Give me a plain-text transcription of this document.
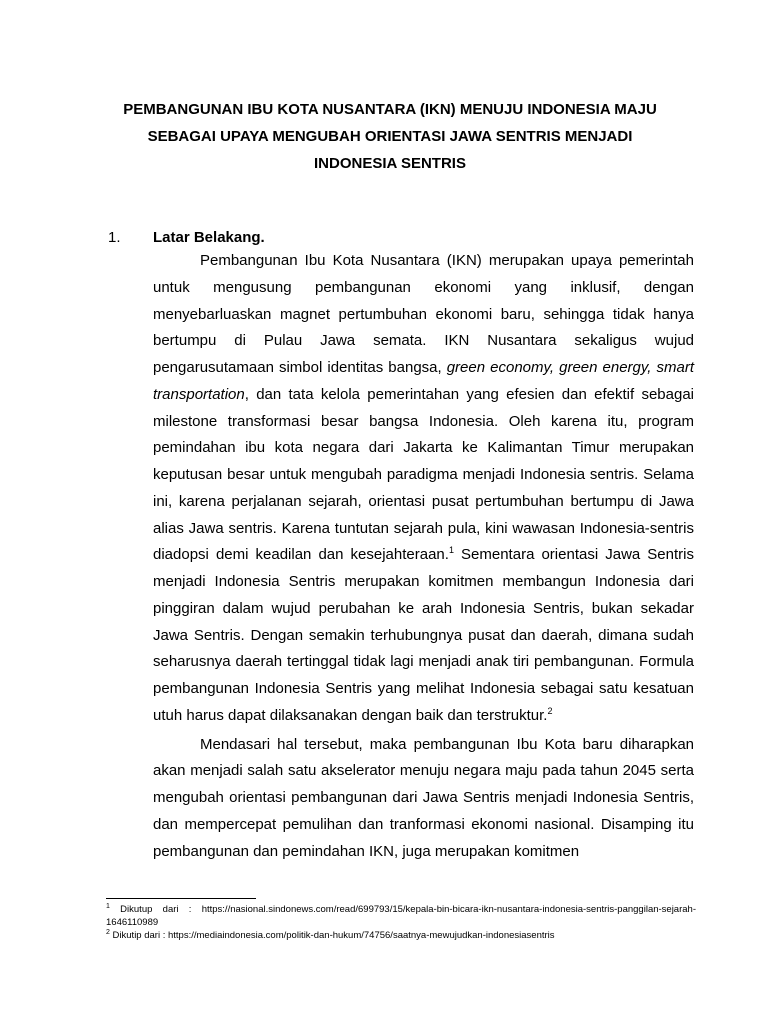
PEMBANGUNAN IBU KOTA NUSANTARA (IKN) MENUJU INDONESIA MAJU
SEBAGAI UPAYA MENGUBAH ORIENTASI JAWA SENTRIS MENJADI
INDONESIA SENTRIS
1.	Latar Belakang.

Pembangunan Ibu Kota Nusantara (IKN) merupakan upaya pemerintah untuk mengusung pembangunan ekonomi yang inklusif, dengan menyebarluaskan magnet pertumbuhan ekonomi baru, sehingga tidak hanya bertumpu di Pulau Jawa semata. IKN Nusantara sekaligus wujud pengarusutamaan simbol identitas bangsa, green economy, green energy, smart transportation, dan tata kelola pemerintahan yang efesien dan efektif sebagai milestone transformasi besar bangsa Indonesia. Oleh karena itu, program pemindahan ibu kota negara dari Jakarta ke Kalimantan Timur merupakan keputusan besar untuk mengubah paradigma menjadi Indonesia sentris. Selama ini, karena perjalanan sejarah, orientasi pusat pertumbuhan bertumpu di Jawa alias Jawa sentris. Karena tuntutan sejarah pula, kini wawasan Indonesia-sentris diadopsi demi keadilan dan kesejahteraan.$^1$ Sementara orientasi Jawa Sentris menjadi Indonesia Sentris merupakan komitmen membangun Indonesia dari pinggiran dalam wujud perubahan ke arah Indonesia Sentris, bukan sekadar Jawa Sentris. Dengan semakin terhubungnya pusat dan daerah, dimana sudah seharusnya daerah tertinggal tidak lagi menjadi anak tiri pembangunan. Formula pembangunan Indonesia Sentris yang melihat Indonesia sebagai satu kesatuan utuh harus dapat dilaksanakan dengan baik dan terstruktur.$^2$

Mendasari hal tersebut, maka pembangunan Ibu Kota baru diharapkan akan menjadi salah satu akselerator menuju negara maju pada tahun 2045 serta mengubah orientasi pembangunan dari Jawa Sentris menjadi Indonesia Sentris, dan mempercepat pemulihan dan tranformasi ekonomi nasional. Disamping itu pembangunan dan pemindahan IKN, juga merupakan komitmen

$^1$ Dikutup dari : https://nasional.sindonews.com/read/699793/15/kepala-bin-bicara-ikn-nusantara-indonesia-sentris-panggilan-sejarah-1646110989
$^2$ Dikutip dari : https://mediaindonesia.com/politik-dan-hukum/74756/saatnya-mewujudkan-indonesiasentris
